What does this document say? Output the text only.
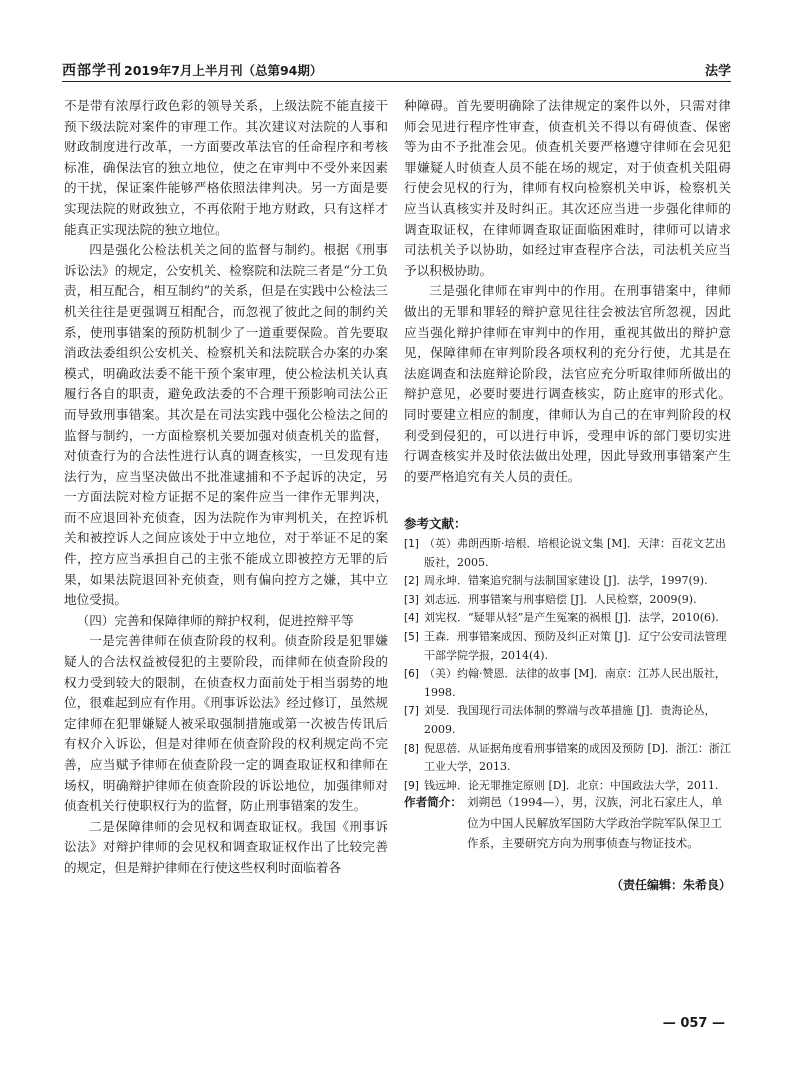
西部学刊 2019年7月上半月刊（总第94期）	法学

不是带有浓厚行政色彩的领导关系，上级法院不能直接干预下级法院对案件的审理工作。其次建议对法院的人事和财政制度进行改革，一方面要改革法官的任命程序和考核标准，确保法官的独立地位，使之在审判中不受外来因素的干扰，保证案件能够严格依照法律判决。另一方面是要实现法院的财政独立，不再依附于地方财政，只有这样才能真正实现法院的独立地位。

四是强化公检法机关之间的监督与制约。根据《刑事诉讼法》的规定，公安机关、检察院和法院三者是“分工负责，相互配合，相互制约”的关系，但是在实践中公检法三机关往往是更强调互相配合，而忽视了彼此之间的制约关系，使刑事错案的预防机制少了一道重要保险。首先要取消政法委组织公安机关、检察机关和法院联合办案的办案模式，明确政法委不能干预个案审理，使公检法机关认真履行各自的职责，避免政法委的不合理干预影响司法公正而导致刑事错案。其次是在司法实践中强化公检法之间的监督与制约，一方面检察机关要加强对侦查机关的监督，对侦查行为的合法性进行认真的调查核实，一旦发现有违法行为，应当坚决做出不批准逮捕和不予起诉的决定，另一方面法院对检方证据不足的案件应当一律作无罪判决，而不应退回补充侦查，因为法院作为审判机关，在控诉机关和被控诉人之间应该处于中立地位，对于举证不足的案件，控方应当承担自己的主张不能成立即被控方无罪的后果，如果法院退回补充侦查，则有偏向控方之嫌，其中立地位受损。

（四）完善和保障律师的辩护权利，促进控辩平等

一是完善律师在侦查阶段的权利。侦查阶段是犯罪嫌疑人的合法权益被侵犯的主要阶段，而律师在侦查阶段的权力受到较大的限制，在侦查权力面前处于相当弱势的地位，很难起到应有作用。《刑事诉讼法》经过修订，虽然规定律师在犯罪嫌疑人被采取强制措施或第一次被告传讯后有权介入诉讼，但是对律师在侦查阶段的权利规定尚不完善，应当赋予律师在侦查阶段一定的调查取证权和律师在场权，明确辩护律师在侦查阶段的诉讼地位，加强律师对侦查机关行使职权行为的监督，防止刑事错案的发生。

二是保障律师的会见权和调查取证权。我国《刑事诉讼法》对辩护律师的会见权和调查取证权作出了比较完善的规定，但是辩护律师在行使这些权利时面临着各

种障碍。首先要明确除了法律规定的案件以外，只需对律师会见进行程序性审查，侦查机关不得以有碍侦查、保密等为由不予批准会见。侦查机关要严格遵守律师在会见犯罪嫌疑人时侦查人员不能在场的规定，对于侦查机关阻碍行使会见权的行为，律师有权向检察机关申诉，检察机关应当认真核实并及时纠正。其次还应当进一步强化律师的调查取证权，在律师调查取证面临困难时，律师可以请求司法机关予以协助，如经过审查程序合法，司法机关应当予以积极协助。

三是强化律师在审判中的作用。在刑事错案中，律师做出的无罪和罪轻的辩护意见往往会被法官所忽视，因此应当强化辩护律师在审判中的作用，重视其做出的辩护意见，保障律师在审判阶段各项权利的充分行使，尤其是在法庭调查和法庭辩论阶段，法官应充分听取律师所做出的辩护意见，必要时要进行调查核实，防止庭审的形式化。同时要建立相应的制度，律师认为自己的在审判阶段的权利受到侵犯的，可以进行申诉，受理申诉的部门要切实进行调查核实并及时依法做出处理，因此导致刑事错案产生的要严格追究有关人员的责任。

参考文献：
[1] （英）弗朗西斯·培根．培根论说文集 [M]．天津：百花文艺出版社，2005.
[2] 周永坤．错案追究制与法制国家建设 [J]．法学，1997(9).
[3] 刘志远．刑事错案与刑事赔偿 [J]．人民检察，2009(9).
[4] 刘宪权．“疑罪从轻”是产生冤案的祸根 [J]．法学，2010(6).
[5] 王森．刑事错案成因、预防及纠正对策 [J]．辽宁公安司法管理干部学院学报，2014(4).
[6] （美）约翰·赞恩．法律的故事 [M]．南京：江苏人民出版社，1998.
[7] 刘旻．我国现行司法体制的弊端与改革措施 [J]．贵海论丛，2009.
[8] 倪思蓓．从证据角度看刑事错案的成因及预防 [D]．浙江：浙江工业大学，2013.
[9] 钱远坤．论无罪推定原则 [D]．北京：中国政法大学，2011.
作者简介： 刘朔邑（1994—），男，汉族，河北石家庄人，单位为中国人民解放军国防大学政治学院军队保卫工作系，主要研究方向为刑事侦查与物证技术。
（责任编辑：朱希良）
— 057 —
